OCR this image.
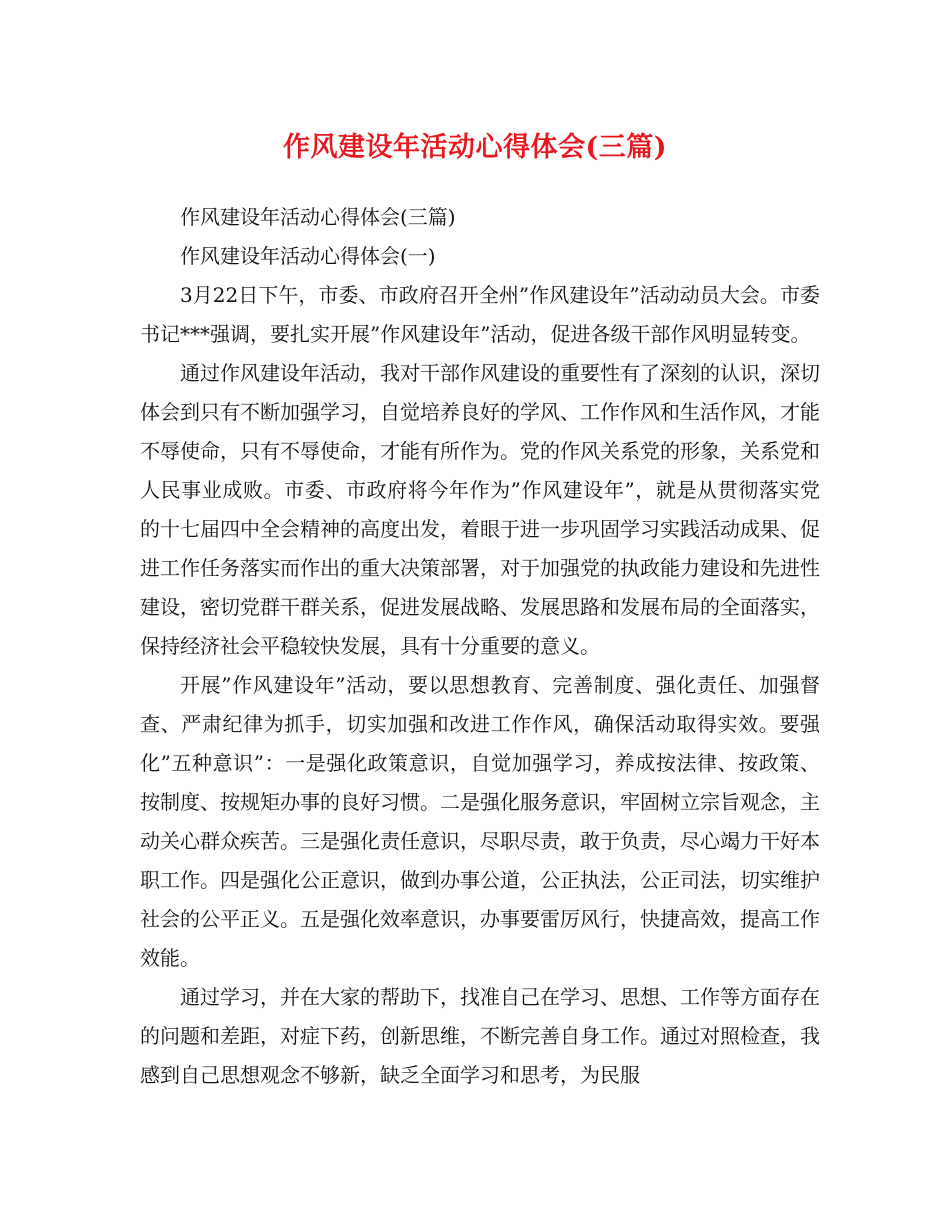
作风建设年活动心得体会(三篇)

作风建设年活动心得体会(三篇)

作风建设年活动心得体会(一)

3月22日下午，市委、市政府召开全州”作风建设年”活动动员大会。市委书记***强调，要扎实开展”作风建设年”活动，促进各级干部作风明显转变。

通过作风建设年活动，我对干部作风建设的重要性有了深刻的认识，深切体会到只有不断加强学习，自觉培养良好的学风、工作作风和生活作风，才能不辱使命，只有不辱使命，才能有所作为。党的作风关系党的形象，关系党和人民事业成败。市委、市政府将今年作为”作风建设年”，就是从贯彻落实党的十七届四中全会精神的高度出发，着眼于进一步巩固学习实践活动成果、促进工作任务落实而作出的重大决策部署，对于加强党的执政能力建设和先进性建设，密切党群干群关系，促进发展战略、发展思路和发展布局的全面落实，保持经济社会平稳较快发展，具有十分重要的意义。

开展”作风建设年”活动，要以思想教育、完善制度、强化责任、加强督查、严肃纪律为抓手，切实加强和改进工作作风，确保活动取得实效。要强化”五种意识”：一是强化政策意识，自觉加强学习，养成按法律、按政策、按制度、按规矩办事的良好习惯。二是强化服务意识，牢固树立宗旨观念，主动关心群众疾苦。三是强化责任意识，尽职尽责，敢于负责，尽心竭力干好本职工作。四是强化公正意识，做到办事公道，公正执法，公正司法，切实维护社会的公平正义。五是强化效率意识，办事要雷厉风行，快捷高效，提高工作效能。

通过学习，并在大家的帮助下，找准自己在学习、思想、工作等方面存在的问题和差距，对症下药，创新思维，不断完善自身工作。通过对照检查，我感到自己思想观念不够新，缺乏全面学习和思考，为民服
